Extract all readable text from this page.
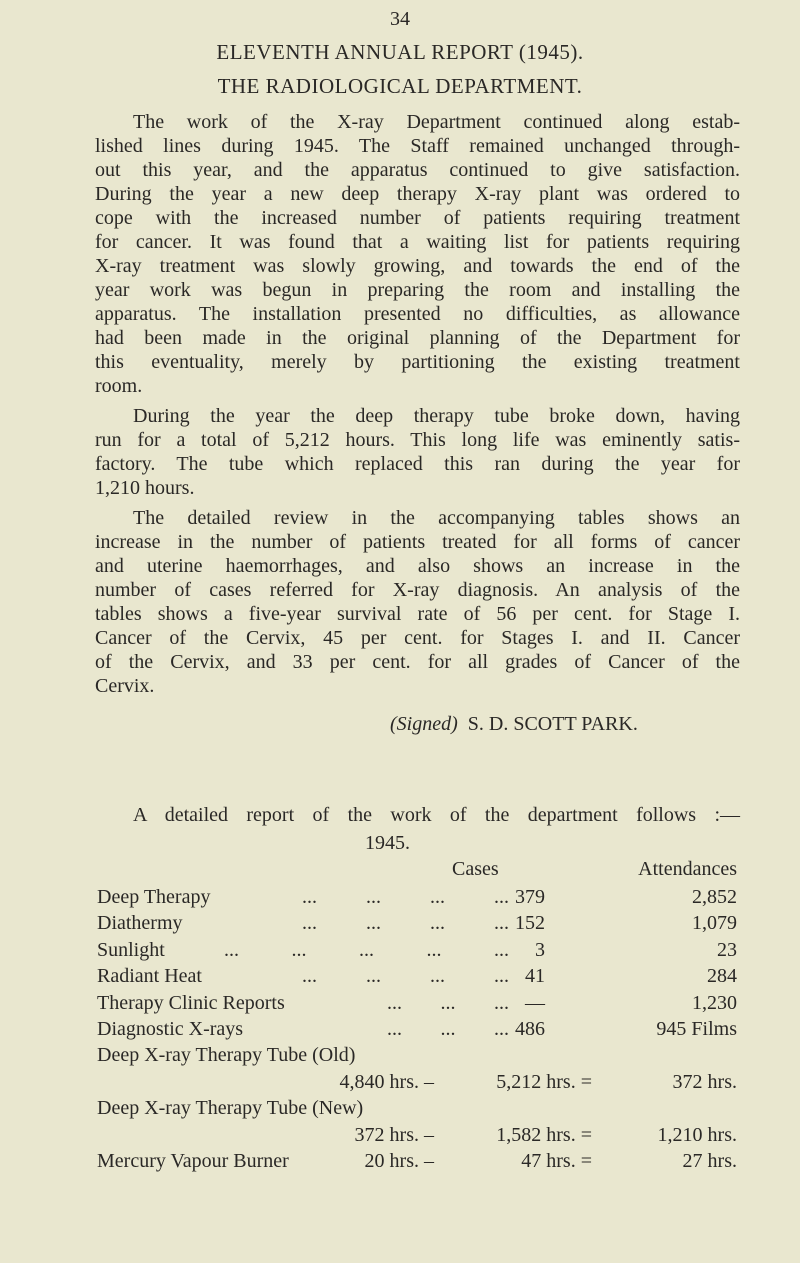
34
ELEVENTH ANNUAL REPORT (1945).
THE RADIOLOGICAL DEPARTMENT.
The work of the X-ray Department continued along estab-
lished lines during 1945. The Staff remained unchanged through-
out this year, and the apparatus continued to give satisfaction.
During the year a new deep therapy X-ray plant was ordered to
cope with the increased number of patients requiring treatment
for cancer. It was found that a waiting list for patients requiring
X-ray treatment was slowly growing, and towards the end of the
year work was begun in preparing the room and installing the
apparatus. The installation presented no difficulties, as allowance
had been made in the original planning of the Department for
this eventuality, merely by partitioning the existing treatment
room.
During the year the deep therapy tube broke down, having
run for a total of 5,212 hours. This long life was eminently satis-
factory. The tube which replaced this ran during the year for
1,210 hours.
The detailed review in the accompanying tables shows an
increase in the number of patients treated for all forms of cancer
and uterine haemorrhages, and also shows an increase in the
number of cases referred for X-ray diagnosis. An analysis of the
tables shows a five-year survival rate of 56 per cent. for Stage I.
Cancer of the Cervix, 45 per cent. for Stages I. and II. Cancer
of the Cervix, and 33 per cent. for all grades of Cancer of the
Cervix.
(Signed) S. D. SCOTT PARK.
A detailed report of the work of the department follows :—
1945.
Cases	Attendances
Deep Therapy	... ... ... ... 379	2,852
Diathermy	... ... ... ... 152	1,079
Sunlight	... ... ... ... ... 3	23
Radiant Heat	... ... ... ... 41	284
Therapy Clinic Reports	... ... ... —	1,230
Diagnostic X-rays	... ... ... 486	945 Films
Deep X-ray Therapy Tube (Old)
4,840 hrs. –	5,212 hrs. =	372 hrs.
Deep X-ray Therapy Tube (New)
372 hrs. –	1,582 hrs. =	1,210 hrs.
Mercury Vapour Burner	20 hrs. –	47 hrs. =	27 hrs.
